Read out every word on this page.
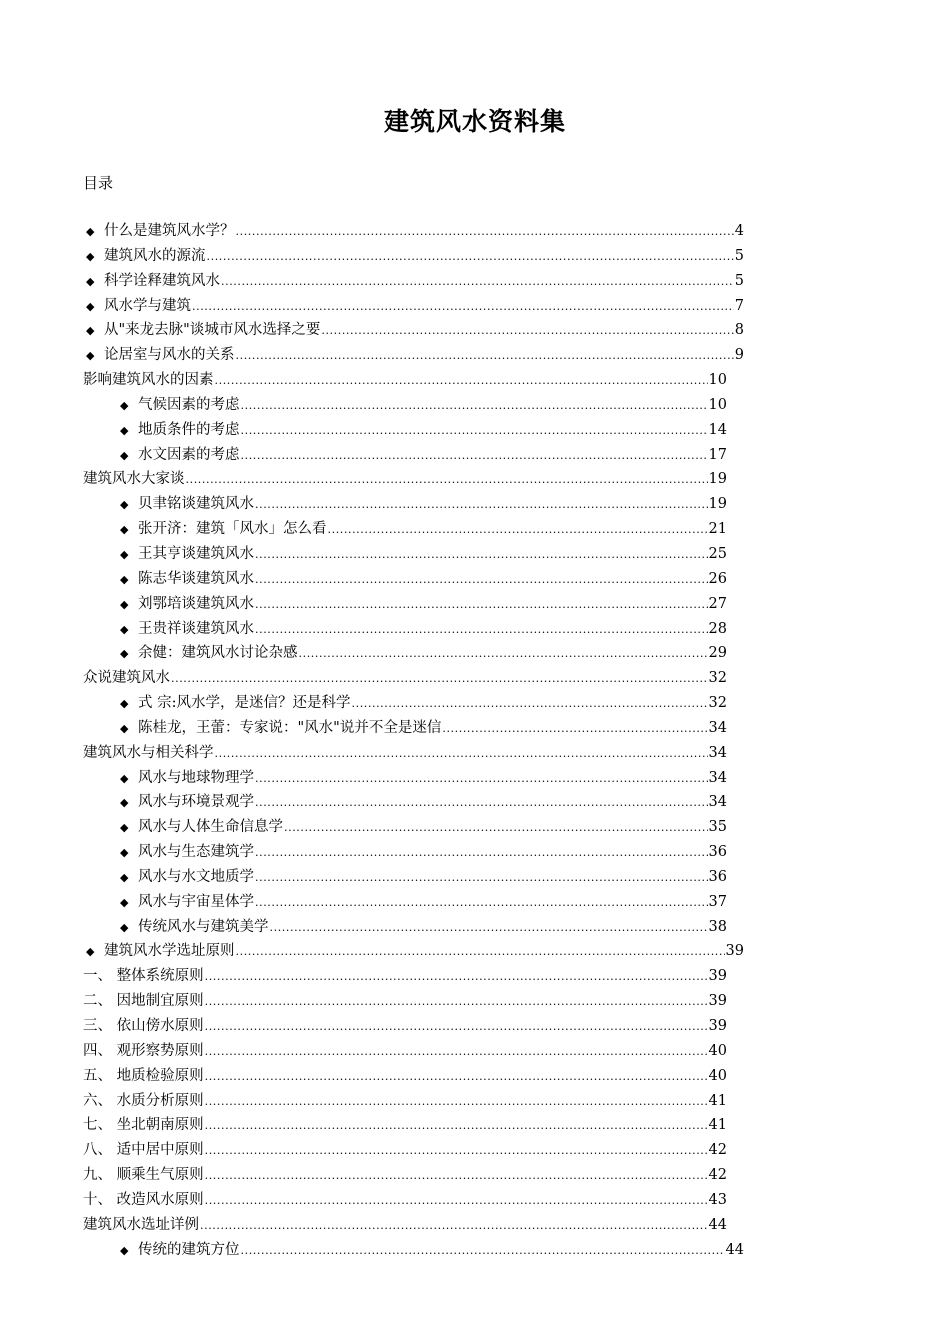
建筑风水资料集
目录
◆ 什么是建筑风水学？ .....	4
◆ 建筑风水的源流 .....	5
◆ 科学诠释建筑风水 .....	5
◆ 风水学与建筑 .....	7
◆ 从"来龙去脉"谈城市风水选择之要 .....	8
◆ 论居室与风水的关系 .....	9
影响建筑风水的因素 .....	10
◆ 气候因素的考虑 .....	10
◆ 地质条件的考虑 .....	14
◆ 水文因素的考虑 .....	17
建筑风水大家谈 .....	19
◆ 贝聿铭谈建筑风水 .....	19
◆ 张开济：建筑「风水」怎么看 .....	21
◆ 王其亨谈建筑风水 .....	25
◆ 陈志华谈建筑风水 .....	26
◆ 刘鄂培谈建筑风水 .....	27
◆ 王贵祥谈建筑风水 .....	28
◆ 余健：建筑风水讨论杂感 .....	29
众说建筑风水 .....	32
◆ 式 宗:风水学，是迷信？还是科学 .....	32
◆ 陈桂龙，王蕾：专家说："风水"说并不全是迷信 .....	34
建筑风水与相关科学 .....	34
◆ 风水与地球物理学 .....	34
◆ 风水与环境景观学 .....	34
◆ 风水与人体生命信息学 .....	35
◆ 风水与生态建筑学 .....	36
◆ 风水与水文地质学 .....	36
◆ 风水与宇宙星体学 .....	37
◆ 传统风水与建筑美学 .....	38
◆ 建筑风水学选址原则 .....	39
一、 整体系统原则 .....	39
二、 因地制宜原则 .....	39
三、 依山傍水原则 .....	39
四、 观形察势原则 .....	40
五、 地质检验原则 .....	40
六、 水质分析原则 .....	41
七、 坐北朝南原则 .....	41
八、 适中居中原则 .....	42
九、 顺乘生气原则 .....	42
十、 改造风水原则 .....	43
建筑风水选址详例 .....	44
◆ 传统的建筑方位 .....	44
